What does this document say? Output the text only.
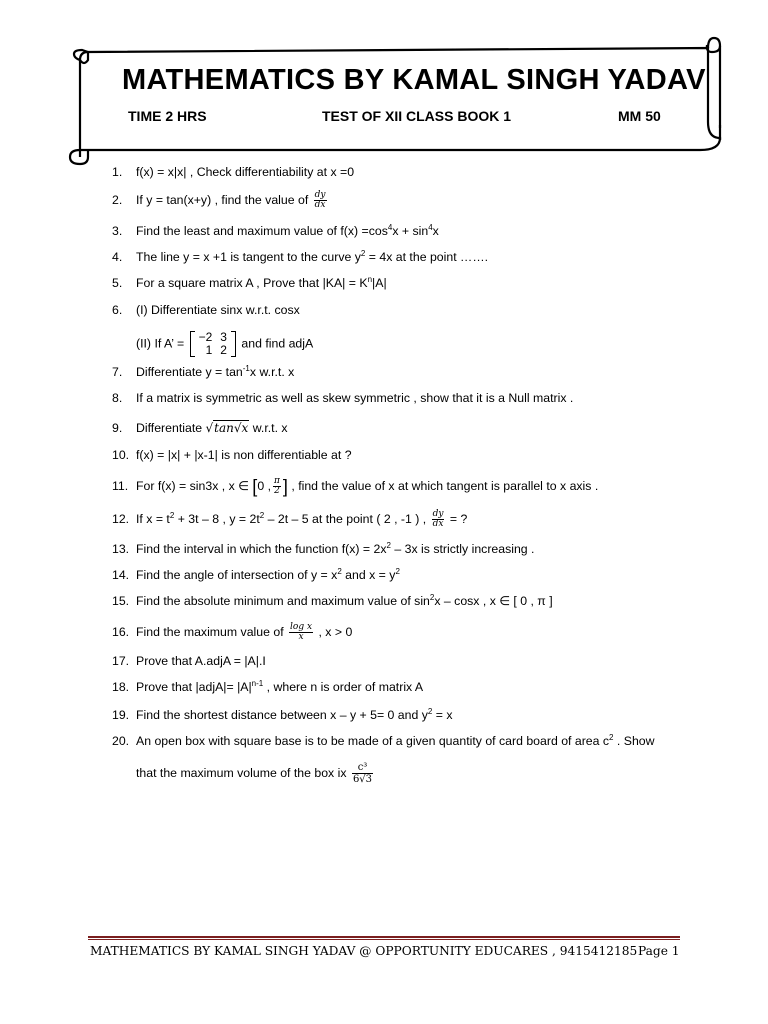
MATHEMATICS BY KAMAL SINGH YADAV
TIME 2 HRS	TEST OF XII CLASS BOOK 1	MM 50
1. f(x) = x|x| , Check differentiability at x =0
2. If y = tan(x+y) , find the value of $\frac{dy}{dx}$
3. Find the least and maximum value of $f(x) =\cos^4x + \sin^4x$
4. The line y = x +1 is tangent to the curve $y^2 = 4x$ at the point …….
5. For a square matrix A , Prove that $|KA| = K^n|A|$
6. (I) Differentiate sinx w.r.t. cosx
(II) If A’ = −2	3
1	2 and find adjA
7. Differentiate $y = \tan^{-1}x$ w.r.t. x
8. If a matrix is symmetric as well as skew symmetric , show that it is a Null matrix .
9. Differentiate √tan√x w.r.t. x
10. f(x) = |x| + |x-1| is non differentiable at ?
11. For f(x) = sin3x , x ∈ [0 , $\frac{\pi}{2}$ ] , find the value of x at which tangent is parallel to x axis .
12. If $x = t^2 + 3t - 8$ , $y = 2t^2 - 2t - 5$ at the point ( 2 , -1 ) , $\frac{dy}{dx}$ = ?
13. Find the interval in which the function $f(x) = 2x^2 - 3x$ is strictly increasing .
14. Find the angle of intersection of $y = x^2$ and $x = y^2$
15. Find the absolute minimum and maximum value of $\sin^2x$ – cosx , x ∈ [ 0 , π ]
16. Find the maximum value of $\frac{\text{log x}}{x}$ , x > 0
17. Prove that A.adjA = |A|.I
18. Prove that |adjA|= $|A|^{n-1}$ , where n is order of matrix A
19. Find the shortest distance between x – y + 5= 0 and $y^2 = x$
20. An open box with square base is to be made of a given quantity of card board of area $c^2$ . Show
that the maximum volume of the box ix $\frac{\text{c³}}{6√3}$
MATHEMATICS BY KAMAL SINGH YADAV @ OPPORTUNITY EDUCARES , 9415412185 Page 1
